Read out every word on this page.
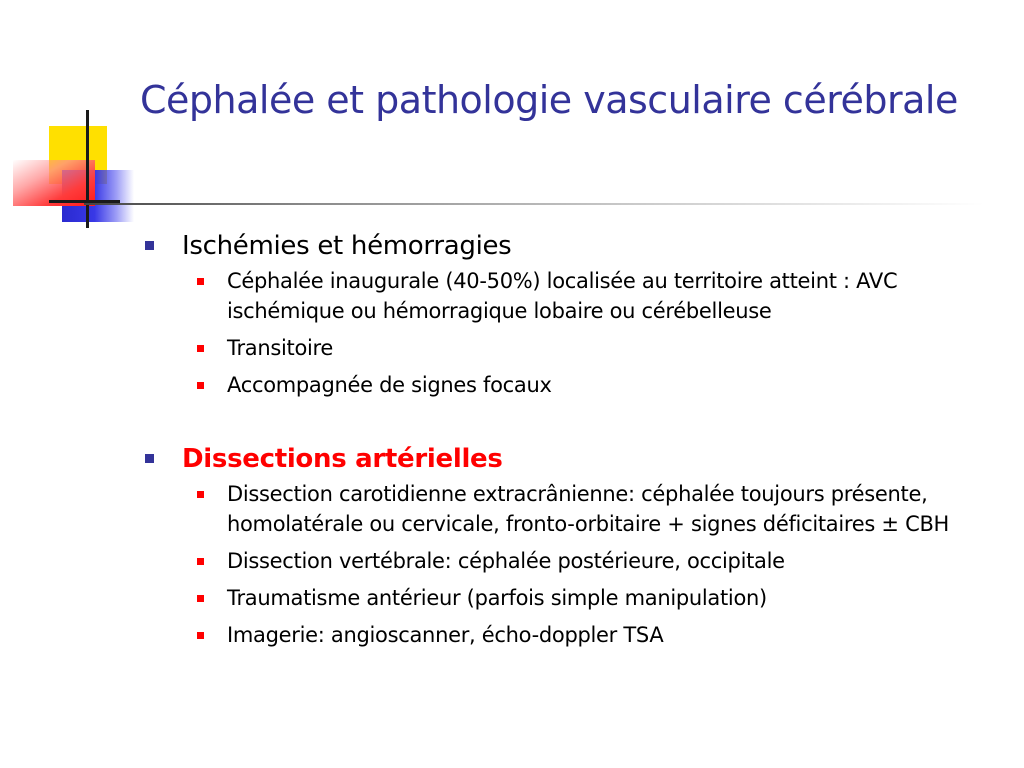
Céphalée et pathologie vasculaire cérébrale
Ischémies et hémorragies
Céphalée inaugurale (40-50%) localisée au territoire atteint : AVC ischémique ou hémorragique lobaire ou cérébelleuse
Transitoire
Accompagnée de signes focaux
Dissections artérielles
Dissection carotidienne extracrânienne: céphalée toujours présente, homolatérale ou cervicale, fronto-orbitaire + signes déficitaires ± CBH
Dissection vertébrale: céphalée postérieure, occipitale
Traumatisme antérieur (parfois simple manipulation)
Imagerie: angioscanner, écho-doppler TSA
